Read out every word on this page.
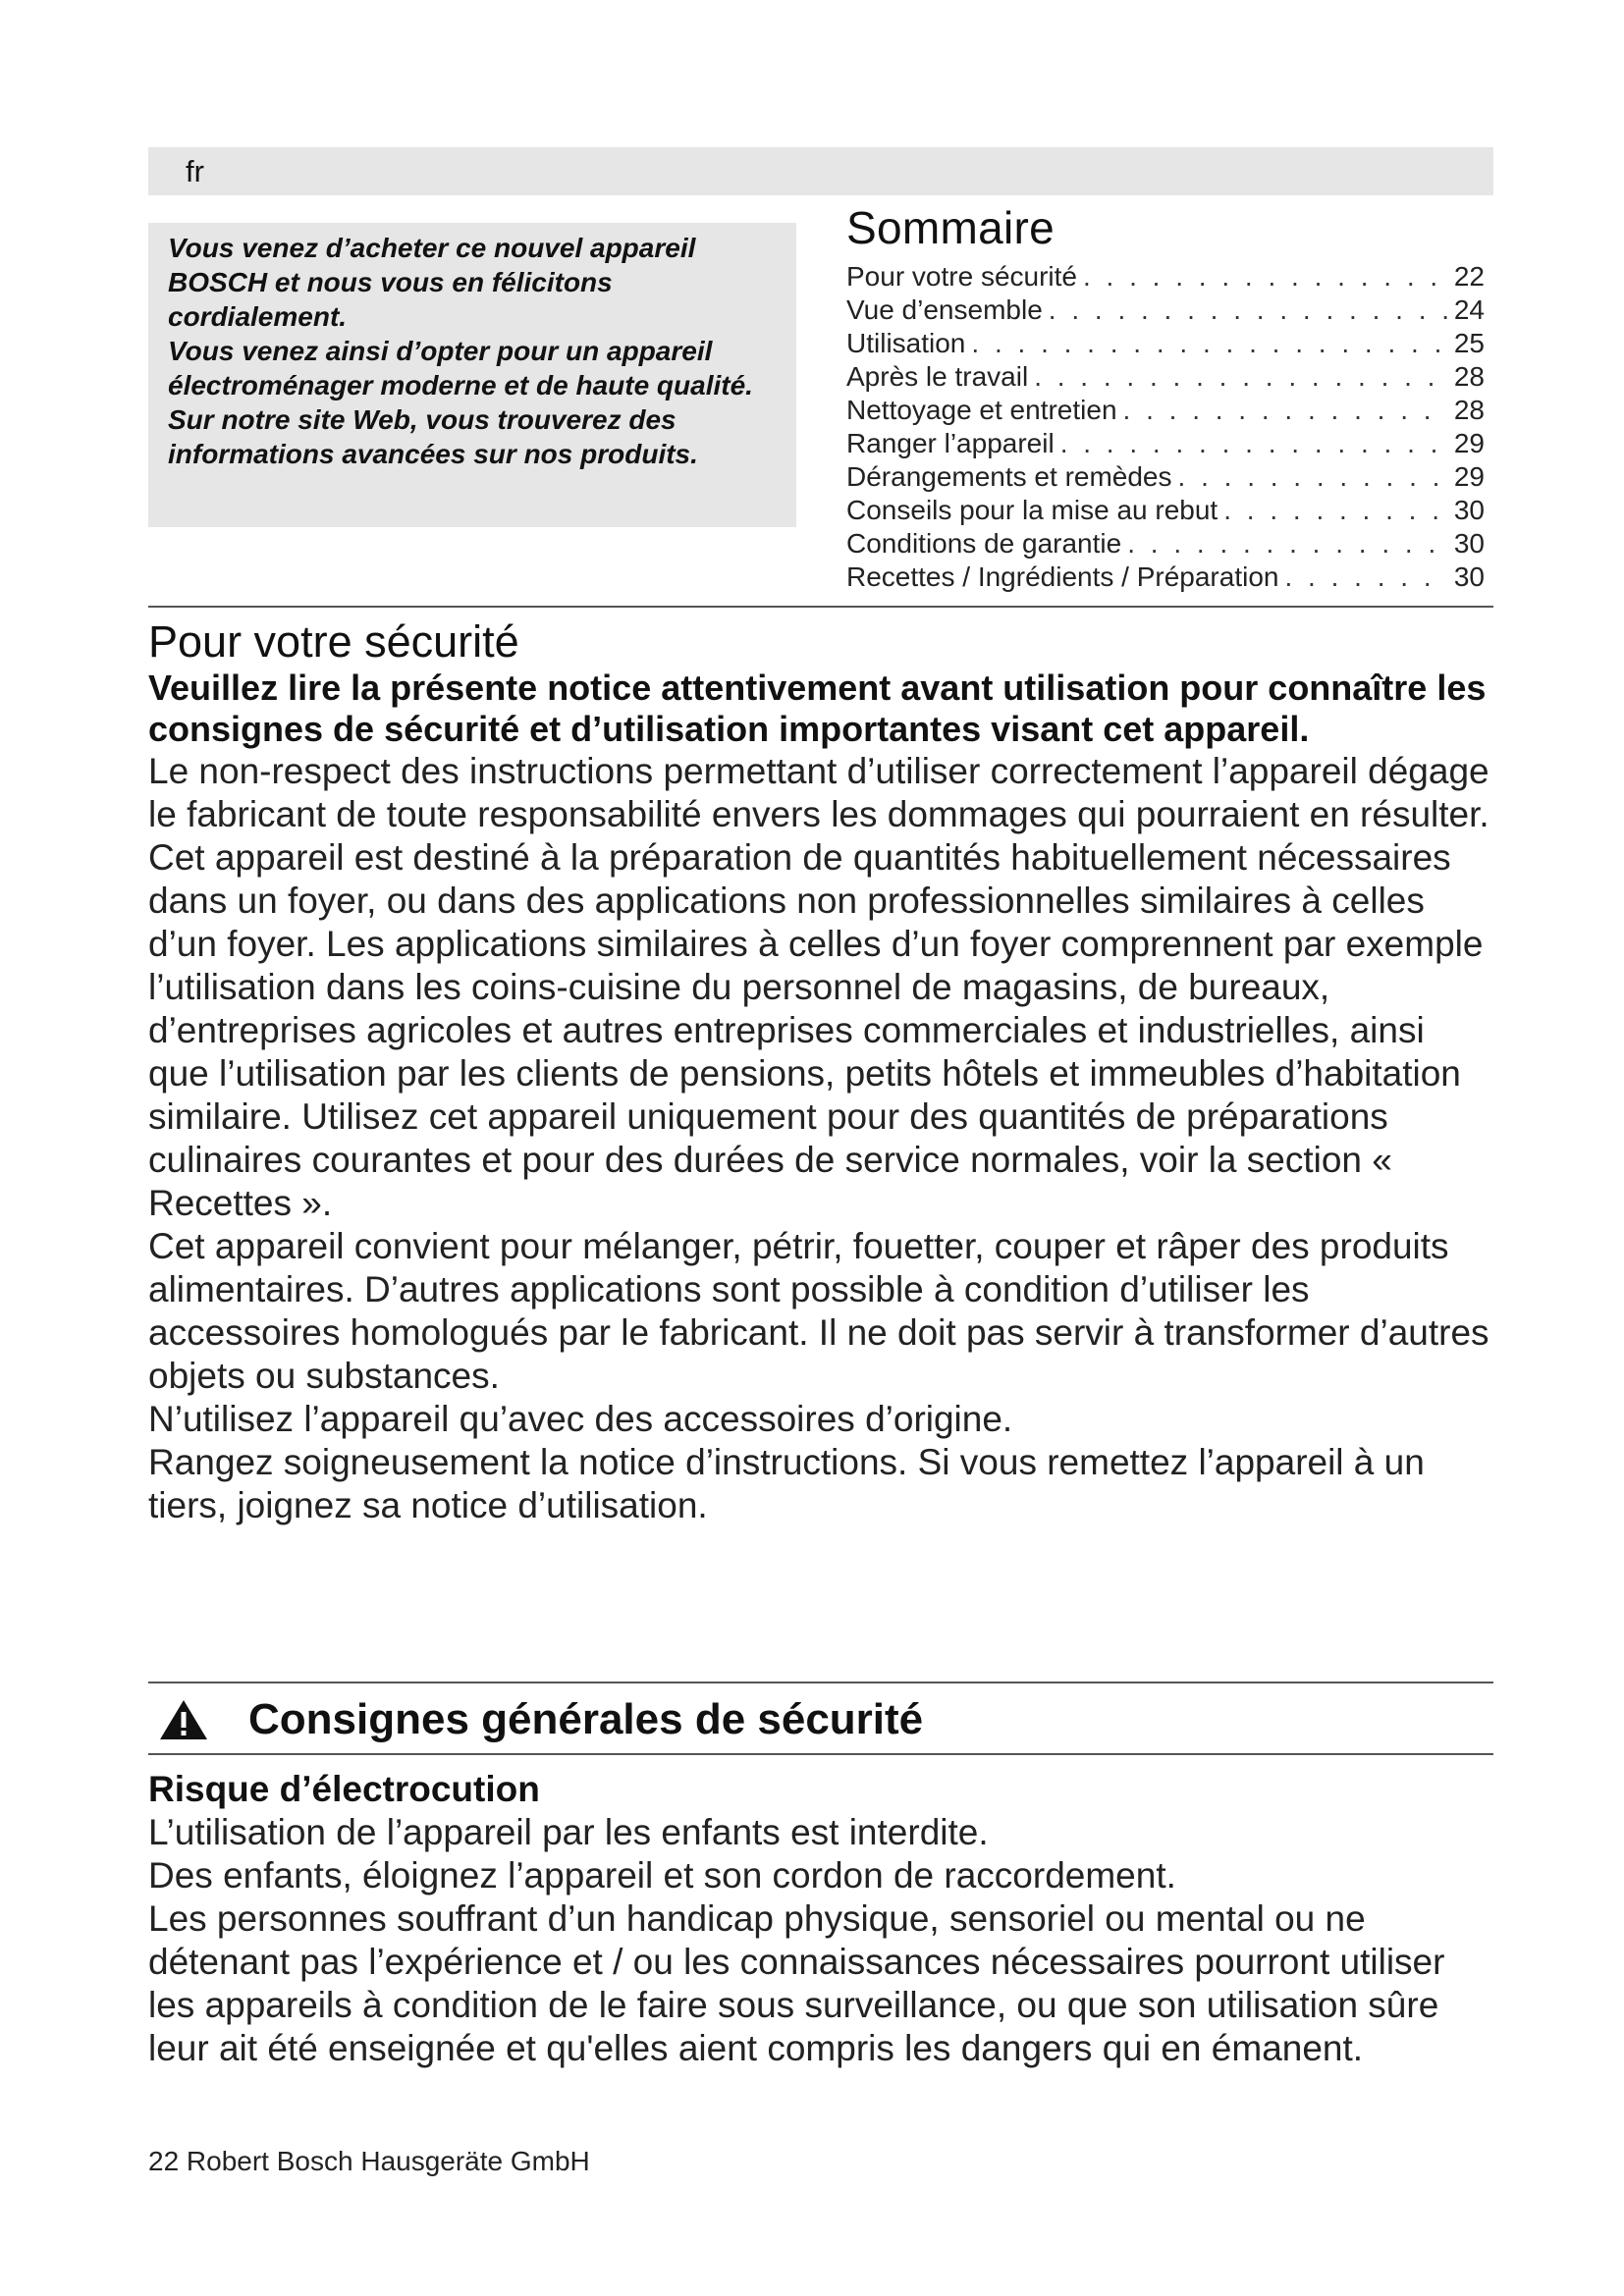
fr

Vous venez d’acheter ce nouvel appareil BOSCH et nous vous en félicitons cordialement.

Vous venez ainsi d’opter pour un appareil électroménager moderne et de haute qualité. Sur notre site Web, vous trouverez des informations avancées sur nos produits.

Sommaire
Pour votre sécurité . . .	22
Vue d’ensemble . . .	24
Utilisation . . .	25
Après le travail . . .	28
Nettoyage et entretien . . .	28
Ranger l’appareil . . .	29
Dérangements et remèdes . . .	29
Conseils pour la mise au rebut . . .	30
Conditions de garantie . . .	30
Recettes / Ingrédients / Préparation . . .	30
Pour votre sécurité

Veuillez lire la présente notice attentivement avant utilisation pour connaître les consignes de sécurité et d’utilisation importantes visant cet appareil.

Le non-respect des instructions permettant d’utiliser correctement l’appareil dégage le fabricant de toute responsabilité envers les dommages qui pourraient en résulter.

Cet appareil est destiné à la préparation de quantités habituellement nécessaires dans un foyer, ou dans des applications non professionnelles similaires à celles d’un foyer. Les applications similaires à celles d’un foyer comprennent par exemple l’utilisation dans les coins-cuisine du personnel de magasins, de bureaux, d’entreprises agricoles et autres entreprises commerciales et industrielles, ainsi que l’utilisation par les clients de pensions, petits hôtels et immeubles d’habitation similaire. Utilisez cet appareil uniquement pour des quantités de préparations culinaires courantes et pour des durées de service normales, voir la section « Recettes ».

Cet appareil convient pour mélanger, pétrir, fouetter, couper et râper des produits alimentaires. D’autres applications sont possible à condition d’utiliser les accessoires homologués par le fabricant. Il ne doit pas servir à transformer d’autres objets ou substances.

N’utilisez l’appareil qu’avec des accessoires d’origine.

Rangez soigneusement la notice d’instructions. Si vous remettez l’appareil à un tiers, joignez sa notice d’utilisation.

Consignes générales de sécurité
Risque d’électrocution

L’utilisation de l’appareil par les enfants est interdite.

Des enfants, éloignez l’appareil et son cordon de raccordement.

Les personnes souffrant d’un handicap physique, sensoriel ou mental ou ne détenant pas l’expérience et / ou les connaissances nécessaires pourront utiliser les appareils à condition de le faire sous surveillance, ou que son utilisation sûre leur ait été enseignée et qu'elles aient compris les dangers qui en émanent.

22 Robert Bosch Hausgeräte GmbH
